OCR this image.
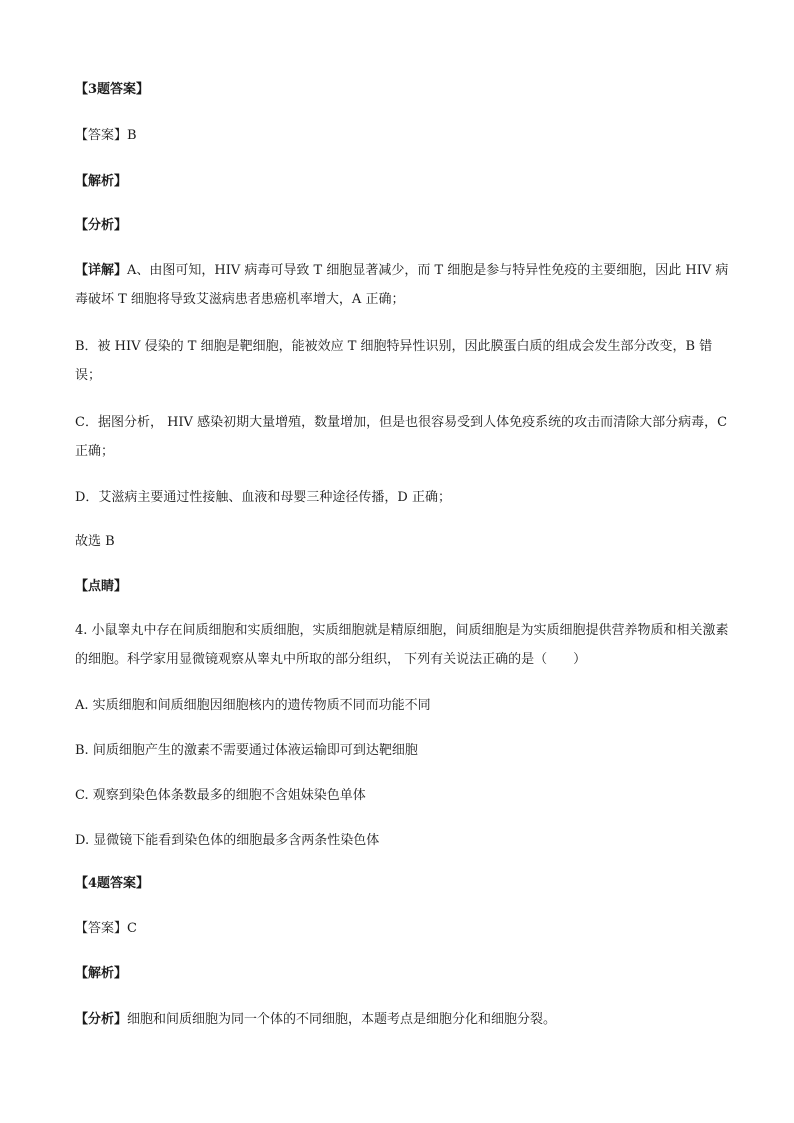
【3题答案】
【答案】B
【解析】
【分析】
【详解】A、由图可知，HIV 病毒可导致 T 细胞显著减少，而 T 细胞是参与特异性免疫的主要细胞，因此 HIV 病毒破坏 T 细胞将导致艾滋病患者患癌机率增大，A 正确；
B．被 HIV 侵染的 T 细胞是靶细胞，能被效应 T 细胞特异性识别，因此膜蛋白质的组成会发生部分改变，B 错误；
C．据图分析， HIV 感染初期大量增殖，数量增加，但是也很容易受到人体免疫系统的攻击而清除大部分病毒，C 正确；
D．艾滋病主要通过性接触、血液和母婴三种途径传播，D 正确；
故选 B
【点睛】
4. 小鼠睾丸中存在间质细胞和实质细胞，实质细胞就是精原细胞，间质细胞是为实质细胞提供营养物质和相关激素的细胞。科学家用显微镜观察从睾丸中所取的部分组织， 下列有关说法正确的是（　　）
A. 实质细胞和间质细胞因细胞核内的遗传物质不同而功能不同
B. 间质细胞产生的激素不需要通过体液运输即可到达靶细胞
C. 观察到染色体条数最多的细胞不含姐妹染色单体
D. 显微镜下能看到染色体的细胞最多含两条性染色体
【4题答案】
【答案】C
【解析】
【分析】细胞和间质细胞为同一个体的不同细胞，本题考点是细胞分化和细胞分裂。
